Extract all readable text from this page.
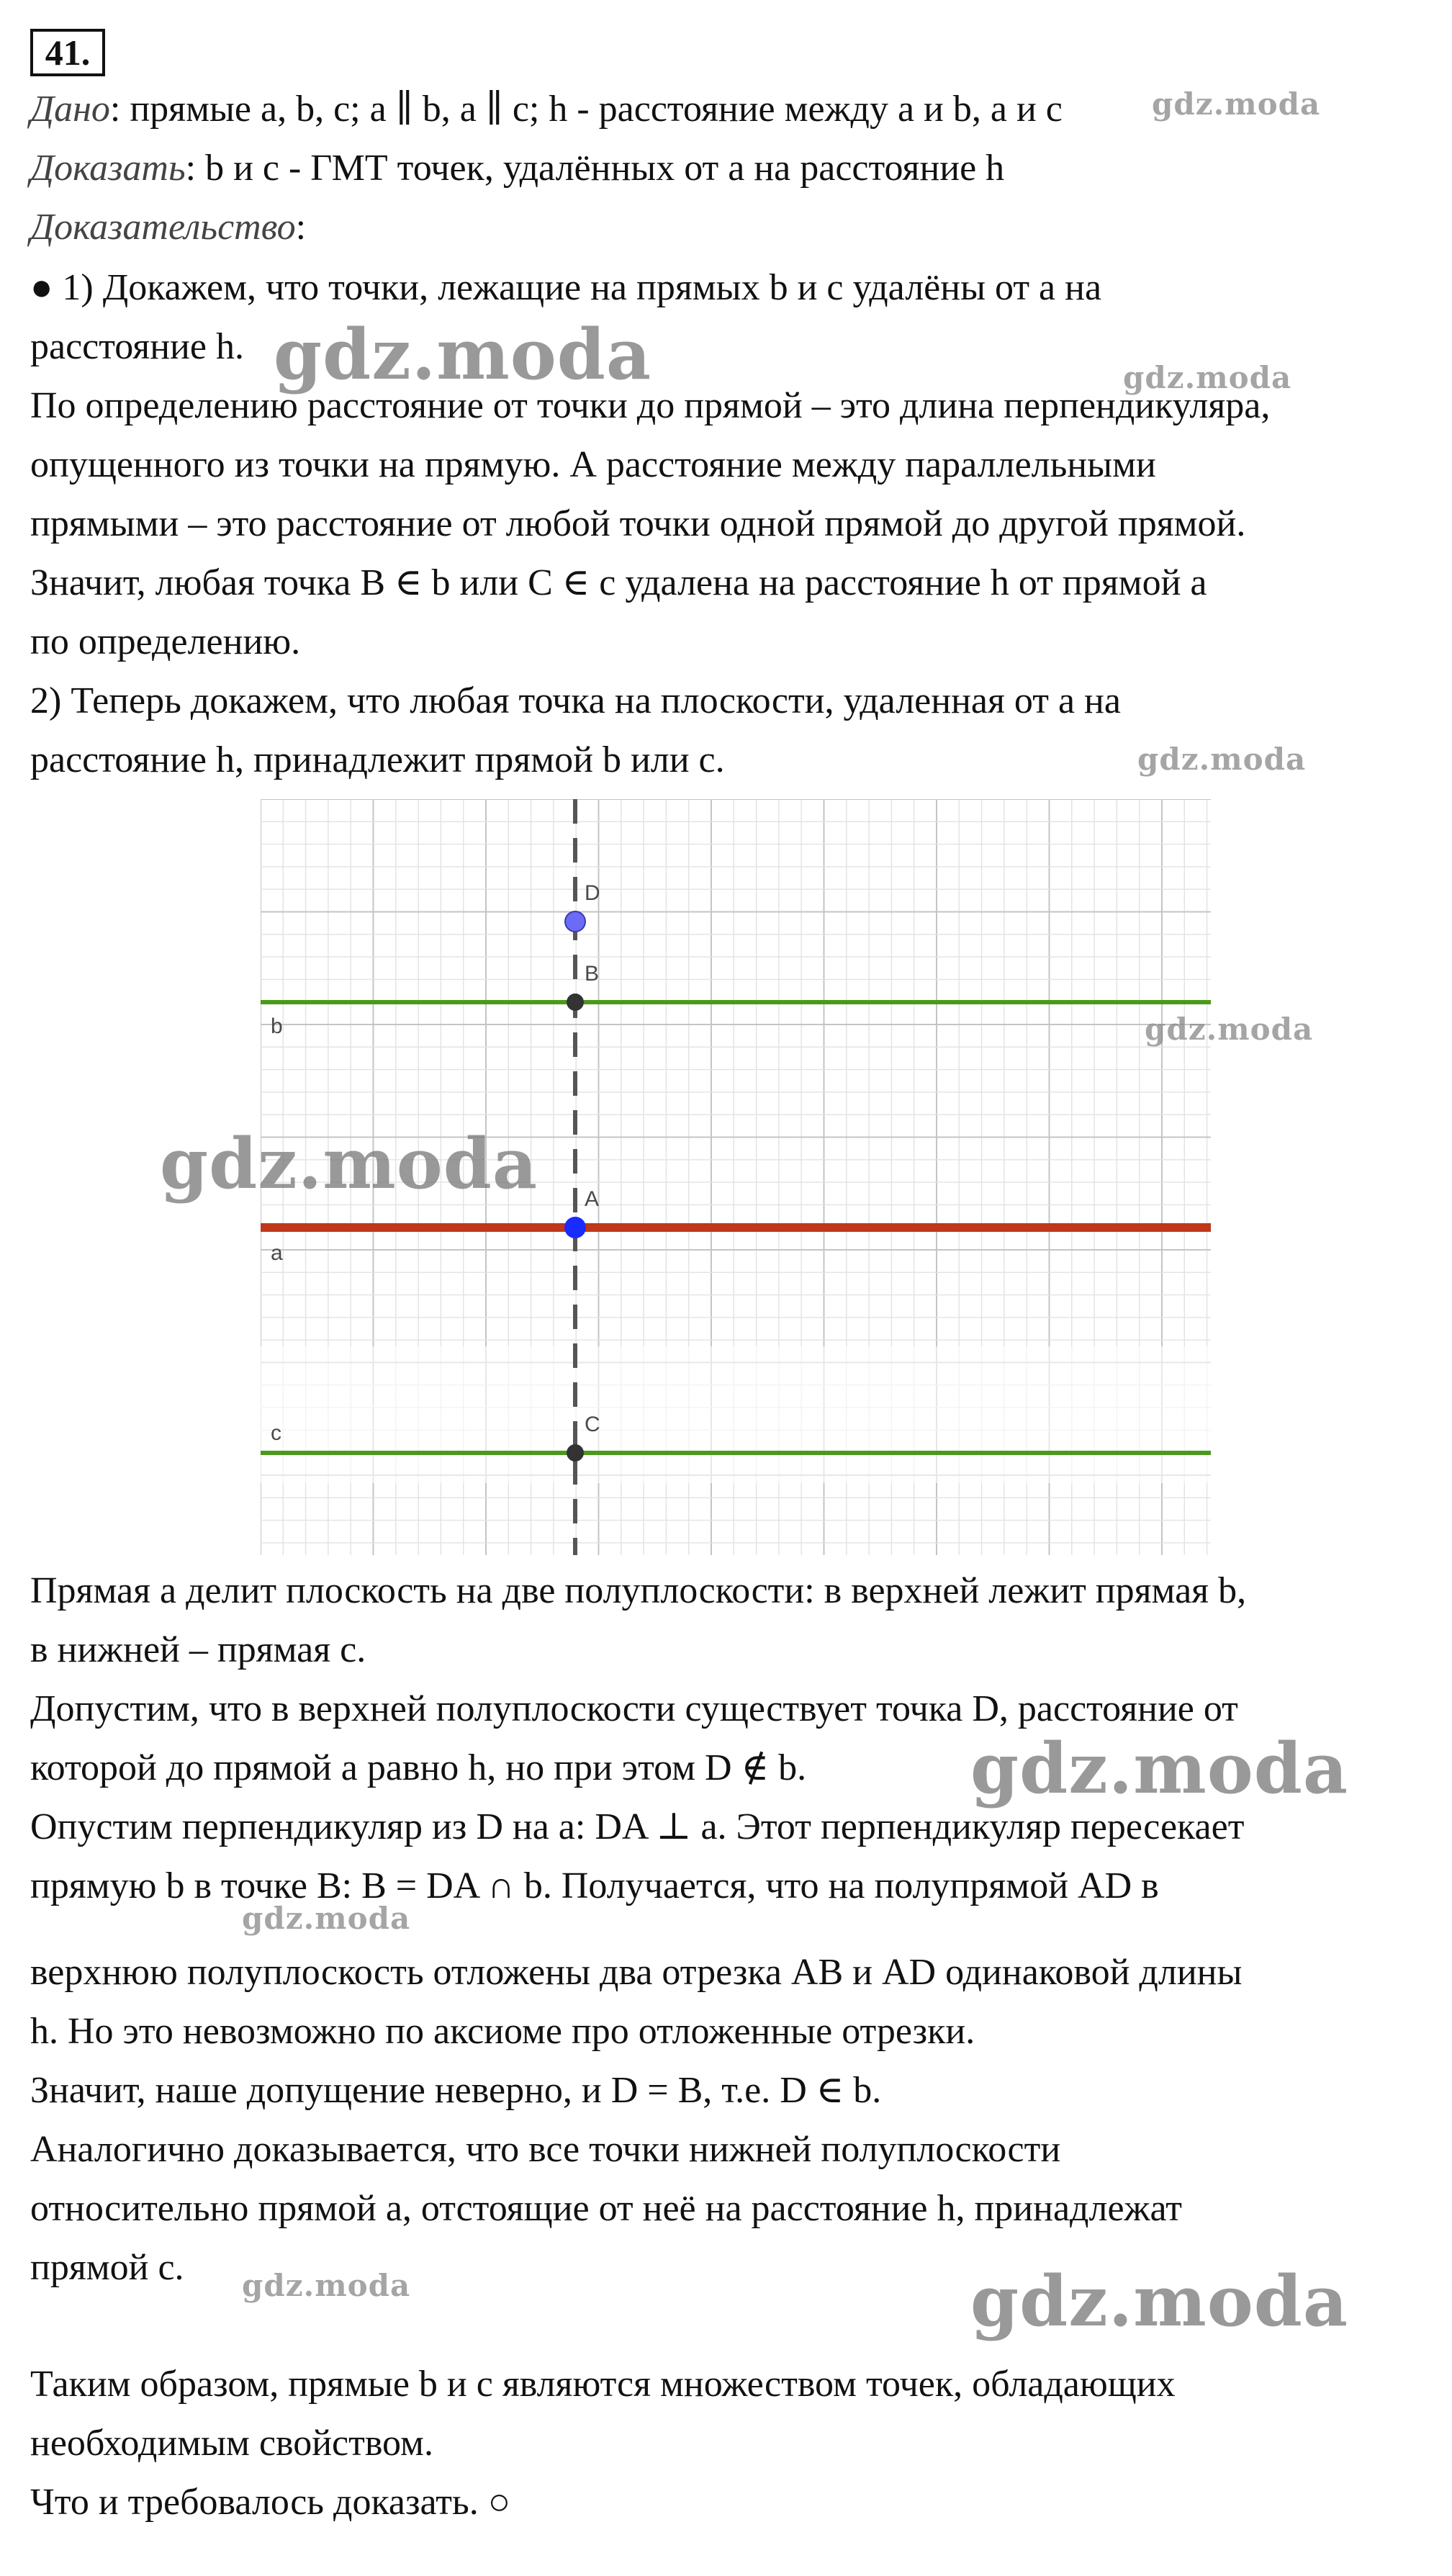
41.
Дано: прямые a, b, c; a ∥ b, a ∥ c; h - расстояние между a и b, a и c
Доказать: b и c - ГМТ точек, удалённых от a на расстояние h
Доказательство:
● 1) Докажем, что точки, лежащие на прямых b и c удалёны от a на
расстояние h.
По определению расстояние от точки до прямой – это длина перпендикуляра,
опущенного из точки на прямую. А расстояние между параллельными
прямыми – это расстояние от любой точки одной прямой до другой прямой.
Значит, любая точка B ∈ b или C ∈ c удалена на расстояние h от прямой a
по определению.
2) Теперь докажем, что любая точка на плоскости, удаленная от a на
расстояние h, принадлежит прямой b или c.
D
B
A
C
b
a
c
Прямая a делит плоскость на две полуплоскости: в верхней лежит прямая b,
в нижней – прямая c.
Допустим, что в верхней полуплоскости существует точка D, расстояние от
которой до прямой a равно h, но при этом D ∉ b.
Опустим перпендикуляр из D на a: DA ⊥ a. Этот перпендикуляр пересекает
прямую b в точке B: B = DA ∩ b. Получается, что на полупрямой AD в
верхнюю полуплоскость отложены два отрезка AB и AD одинаковой длины
h. Но это невозможно по аксиоме про отложенные отрезки.
Значит, наше допущение неверно, и D = B, т.е. D ∈ b.
Аналогично доказывается, что все точки нижней полуплоскости
относительно прямой a, отстоящие от неё на расстояние h, принадлежат
прямой c.
Таким образом, прямые b и c являются множеством точек, обладающих
необходимым свойством.
Что и требовалось доказать. ○
gdz.moda
gdz.moda	gdz.moda
gdz.moda
gdz.moda
gdz.moda
gdz.moda
gdz.moda
gdz.moda	gdz.moda
